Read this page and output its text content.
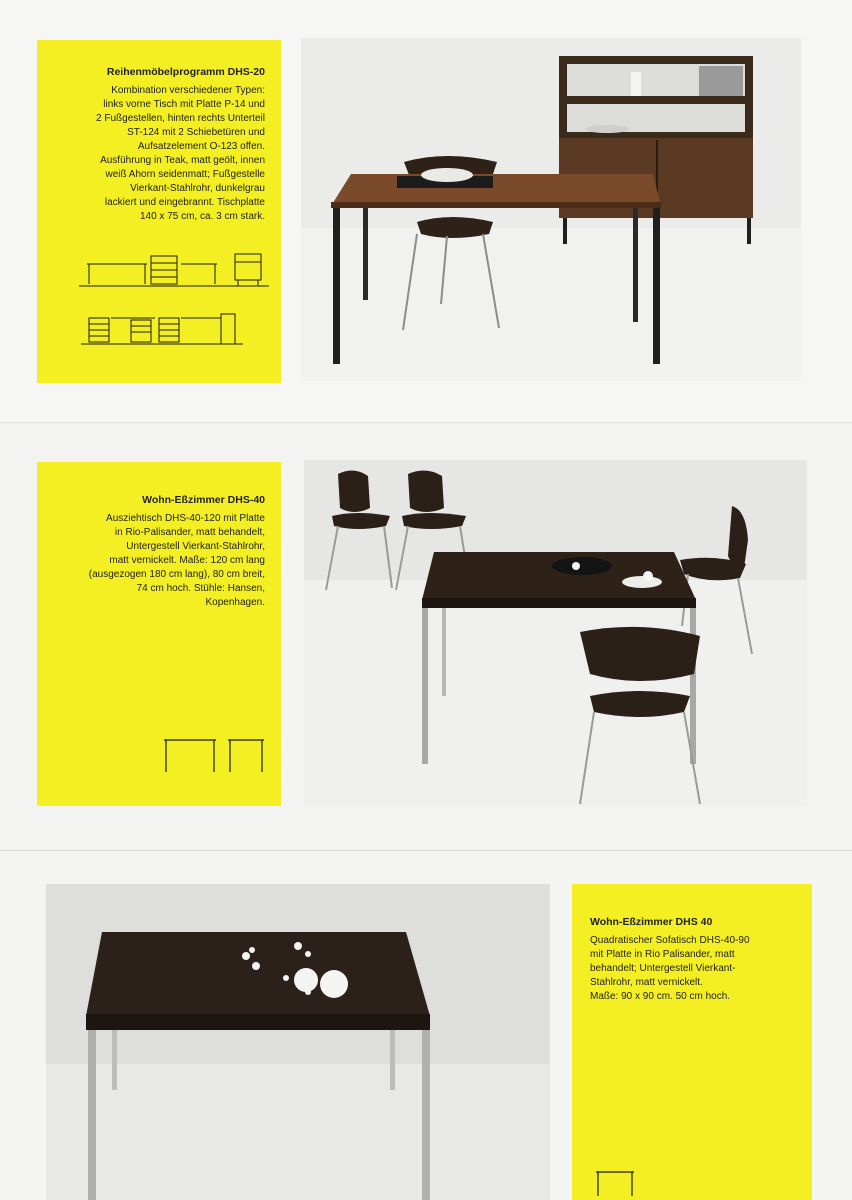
Reihenmöbelprogramm DHS-20

Kombination verschiedener Typen:
links vorne Tisch mit Platte P-14 und
2 Fußgestellen, hinten rechts Unterteil
ST-124 mit 2 Schiebetüren und
Aufsatzelement O-123 offen.
Ausführung in Teak, matt geölt, innen
weiß Ahorn seidenmatt; Fußgestelle
Vierkant-Stahlrohr, dunkelgrau
lackiert und eingebrannt. Tischplatte
140 x 75 cm, ca. 3 cm stark.

Wohn-Eßzimmer DHS-40

Ausziehtisch DHS-40-120 mit Platte
in Rio-Palisander, matt behandelt,
Untergestell Vierkant-Stahlrohr,
matt vernickelt. Maße: 120 cm lang
(ausgezogen 180 cm lang), 80 cm breit,
74 cm hoch. Stühle: Hansen,
Kopenhagen.

Wohn-Eßzimmer DHS 40

Quadratischer Sofatisch DHS-40-90
mit Platte in Rio Palisander, matt
behandelt; Untergestell Vierkant-
Stahlrohr, matt vernickelt.
Maße: 90 x 90 cm. 50 cm hoch.
